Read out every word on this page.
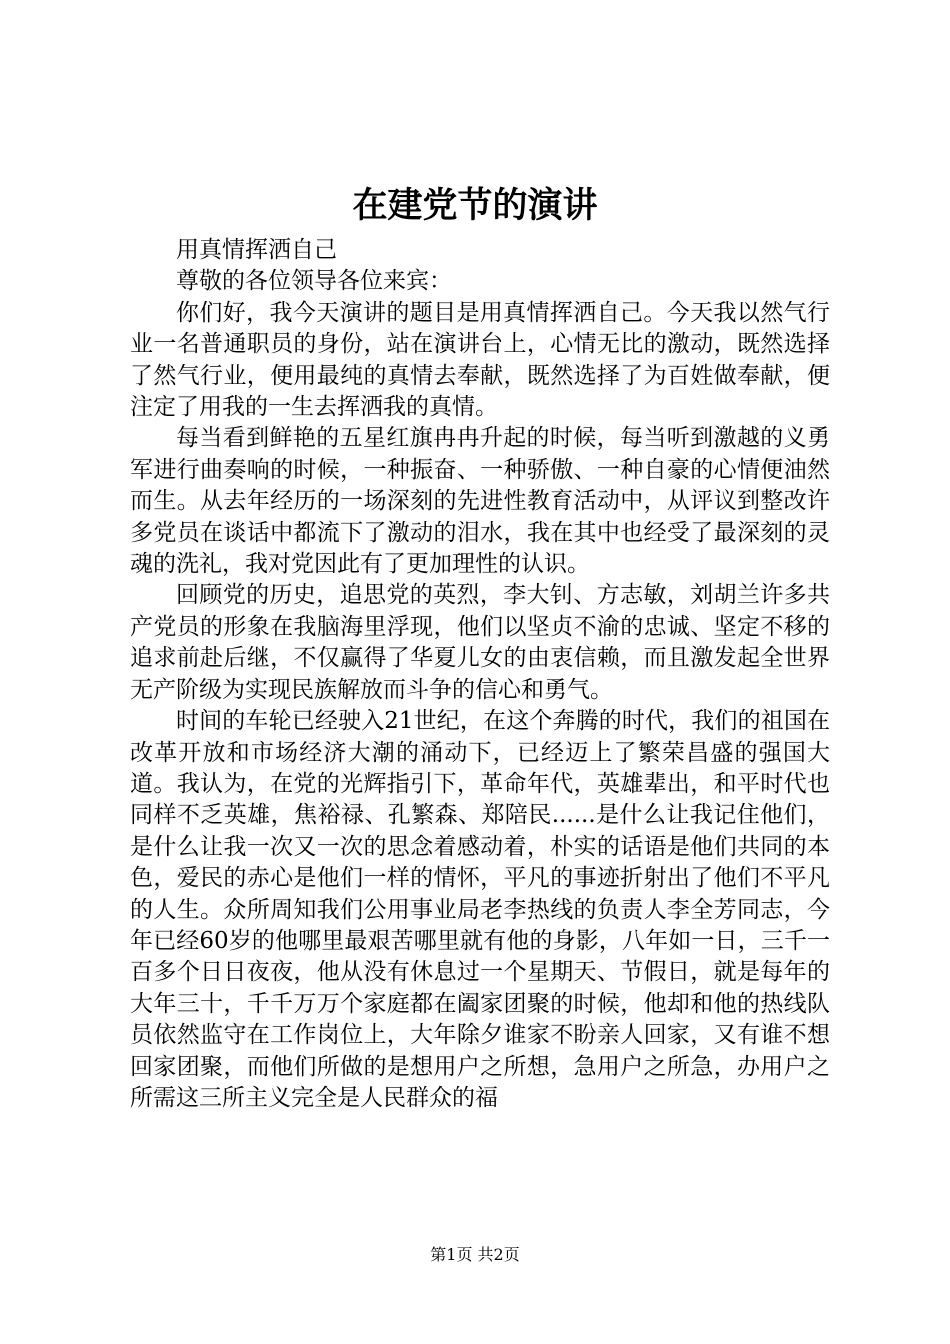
在建党节的演讲

用真情挥洒自己

尊敬的各位领导各位来宾：

你们好，我今天演讲的题目是用真情挥洒自己。今天我以然气行业一名普通职员的身份，站在演讲台上，心情无比的激动，既然选择了然气行业，便用最纯的真情去奉献，既然选择了为百姓做奉献，便注定了用我的一生去挥洒我的真情。

每当看到鲜艳的五星红旗冉冉升起的时候，每当听到激越的义勇军进行曲奏响的时候，一种振奋、一种骄傲、一种自豪的心情便油然而生。从去年经历的一场深刻的先进性教育活动中，从评议到整改许多党员在谈话中都流下了激动的泪水，我在其中也经受了最深刻的灵魂的洗礼，我对党因此有了更加理性的认识。

回顾党的历史，追思党的英烈，李大钊、方志敏，刘胡兰许多共产党员的形象在我脑海里浮现，他们以坚贞不渝的忠诚、坚定不移的追求前赴后继，不仅赢得了华夏儿女的由衷信赖，而且激发起全世界无产阶级为实现民族解放而斗争的信心和勇气。

时间的车轮已经驶入21世纪，在这个奔腾的时代，我们的祖国在改革开放和市场经济大潮的涌动下，已经迈上了繁荣昌盛的强国大道。我认为，在党的光辉指引下，革命年代，英雄辈出，和平时代也同样不乏英雄，焦裕禄、孔繁森、郑陪民......是什么让我记住他们，是什么让我一次又一次的思念着感动着，朴实的话语是他们共同的本色，爱民的赤心是他们一样的情怀，平凡的事迹折射出了他们不平凡的人生。众所周知我们公用事业局老李热线的负责人李全芳同志，今年已经60岁的他哪里最艰苦哪里就有他的身影，八年如一日，三千一百多个日日夜夜，他从没有休息过一个星期天、节假日，就是每年的大年三十，千千万万个家庭都在阖家团聚的时候，他却和他的热线队员依然监守在工作岗位上，大年除夕谁家不盼亲人回家，又有谁不想回家团聚，而他们所做的是想用户之所想，急用户之所急，办用户之所需这三所主义完全是人民群众的福

第1页 共2页
